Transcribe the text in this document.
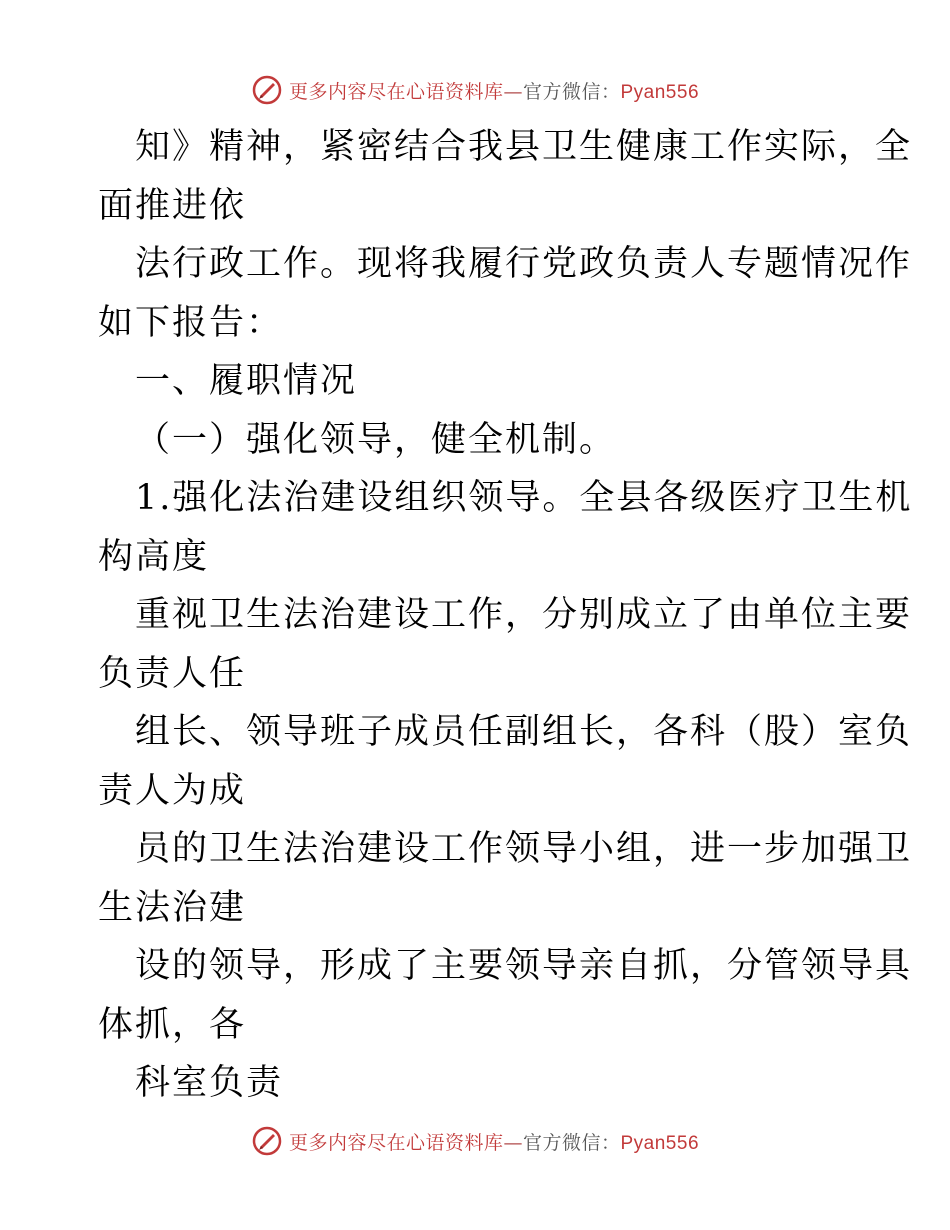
更多内容尽在心语资料库—官方微信：Pyan556
知》精神，紧密结合我县卫生健康工作实际，全
面推进依
法行政工作。现将我履行党政负责人专题情况作
如下报告：
一、履职情况
（一）强化领导，健全机制。
1.强化法治建设组织领导。全县各级医疗卫生机
构高度
重视卫生法治建设工作，分别成立了由单位主要
负责人任
组长、领导班子成员任副组长，各科（股）室负
责人为成
员的卫生法治建设工作领导小组，进一步加强卫
生法治建
设的领导，形成了主要领导亲自抓，分管领导具
体抓，各
科室负责
更多内容尽在心语资料库—官方微信：Pyan556
